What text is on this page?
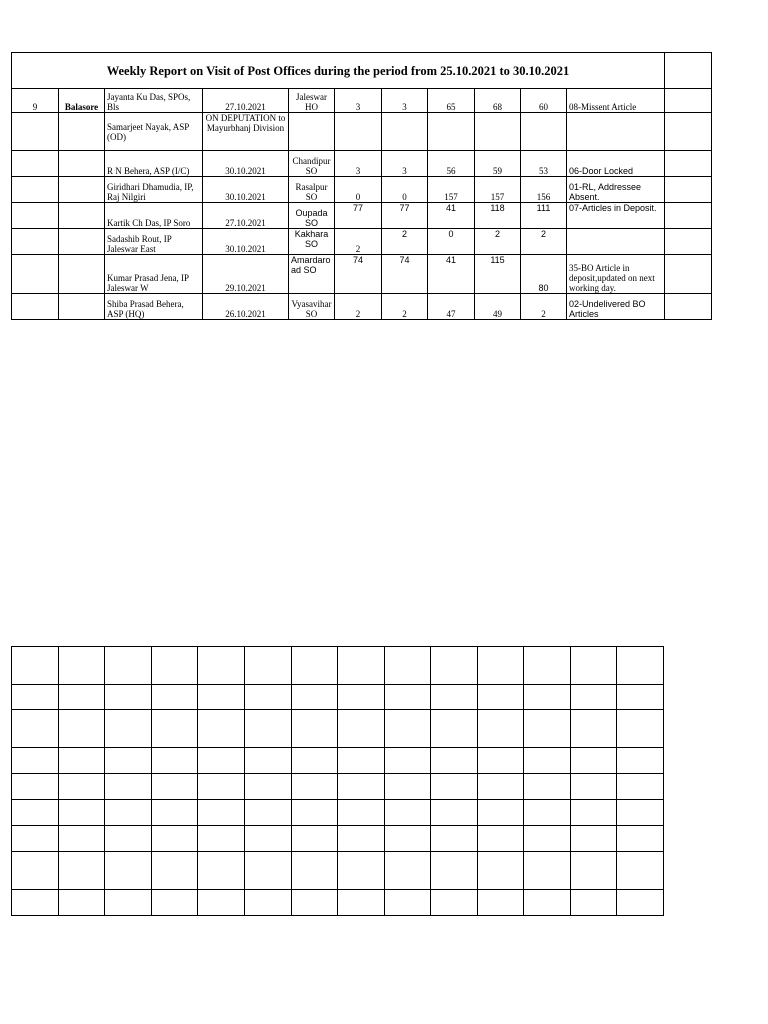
Weekly Report on Visit of Post Offices during the period from 25.10.2021 to 30.10.2021											
9	Balasore	Jayanta Ku Das, SPOs, Bls	27.10.2021	Jaleswar HO	3	3	65	68	60	08-Missent Article	
		Samarjeet Nayak, ASP (OD)	ON DEPUTATION to Mayurbhanj Division								
		R N Behera, ASP (I/C)	30.10.2021	Chandipur SO	3	3	56	59	53	06-Door Locked	
		Giridhari Dhamudia, IP, Raj Nilgiri	30.10.2021	Rasalpur SO	0	0	157	157	156	01-RL, Addressee Absent.	
		Kartik Ch Das, IP Soro	27.10.2021	Oupada SO	77	77	41	118	111	07-Articles in Deposit.	
		Sadashib Rout, IP Jaleswar East	30.10.2021	Kakhara SO	2	2	0	2	2		
		Kumar Prasad Jena, IP Jaleswar W	29.10.2021	Amardaro ad SO	74	74	41	115	80	35-BO Article in deposit,updated on next working day.	
		Shiba Prasad Behera, ASP (HQ)	26.10.2021	Vyasavihar SO	2	2	47	49	2	02-Undelivered BO Articles	
